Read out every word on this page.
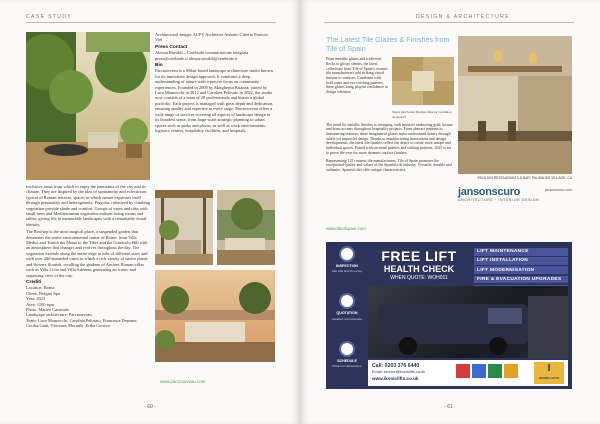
CASE STUDY

Architectural design: ACPV Architects Antonio Citterio Patricia Viel

Press Contact

Alessia Ravaldi – Cerebrale comunicazione integrata press@cerebrale.it alessia.ravaldi@cerebrale.it

Bio

Parcnouveau is a Milan-based landscape architecture studio known for its innovative design approach. It combines a deep understanding of nature with a precise focus on community experiences. Founded in 2008 by Margherita Brianza, joined by Luca Manzocchi in 2012 and Carolina Pelosato in 2022, the studio now consists of a team of 20 professionals and boasts a global portfolio. Each project is managed with great depth and dedication, ensuring quality and expertise at every stage. Parcnouveau offers a wide range of services covering all aspects of landscape design in its broadest sense, from large-scale strategic planning to urban spaces such as parks and plazas, as well as work environments, logistics centers, hospitality facilities, and hospitals.

exclusive areas from which to enjoy the panorama of the city and its climate. They are inspired by the idea of spontaneity and eclecticism typical of Roman terraces, spaces in which nature expresses itself through personality and heterogeneity. Pergolas colonized by climbing vegetation provide shade and comfort. Groups of vases and tubs with small trees and Mediterranean vegetation enliven living rooms and tables, giving life to memorable landscapes with a remarkable visual identity.

The Rooftop is the most magical place, a suspended garden that dominates the entire environmental center of Rome: from Villa Medici and Trinità dei Monti to the Tiber and the Gianicolo Hill with an atmosphere that changes and evolves throughout the day. The vegetation extends along the entire edge in tubs of different sizes and with over 200 enameled vases in which a rich variety of native plants and flowers flourish, recalling the gardens of Ancient Roman villas such as Villa Livia and Villa Adriana, generating an iconic and surprising view of the city.

Crediti
Location: Roma
Client: Bvlgari Spa
Year: 2023
Area: 1100 sqm
Photo: Matteo Carassale
Landscape architecture: Parcnouveau
Team: Luca Manzocchi, Carolina Pelosato, Francesca Deponte, Cecilia Gatti, Vincenzo Mormile, Erika Corrivo
www.parcnouveau.com
- 60 -
DESIGN & ARCHITECTURE
The Latest Tile Glazes & Finishes from Tile of Spain

From metallic glazes and iridescent flecks to glossy sheens, the latest collections from Tile of Spain's ceramic tile manufacturers add striking visual interest to surfaces. Combined with bold tones and eye-catching patterns, these glazes bring playful confidence to design schemes.

Sierra and Sonia Tiradore tiles by Ceramica de Aparici

The trend for metallic finishes is resurging, with interiors embracing gold, bronze and brass accents throughout hospitality projects. From abstract patterns to shimmering textures, these imaginative glazes inject understated luxury through subtle yet impactful design. Thanks to manufacturing innovations and design developments, the latest tile finishes reflect the desire to create more unique and individual spaces. Paired with on-trend palettes and striking patterns, 2025 is set to prove the year for more dynamic surface finishes.

Representing 125 ceramic tile manufacturers, Tile of Spain promotes the exceptional quality and values of the Spanish tile industry. Versatile, durable and authentic, Spanish tiles offer unique characteristics.

www.tileofspain.com
PAVILION RESTAURANTS & BAR, PALISADES VILLAGE, CA
jansonscuro
ARCHITECTURE · INTERIOR DESIGN
jansonscuro.com
INSPECTION
Site visit and lift survey
QUOTATION
Detailed cost estimate
SCHEDULE
Planned maintenance
FREE LIFT
HEALTH CHECK
WHEN QUOTE: WOH011
LIFT MAINTENANCE
LIFT INSTALLATION
LIFT MODERNISATION
FIRE & EVACUATION UPGRADES
Call: 0203 376 6440
Email: service@ikoniclifts.co.uk
www.ikoniclifts.co.uk
I
IKONIC LIFTS
- 61 -
